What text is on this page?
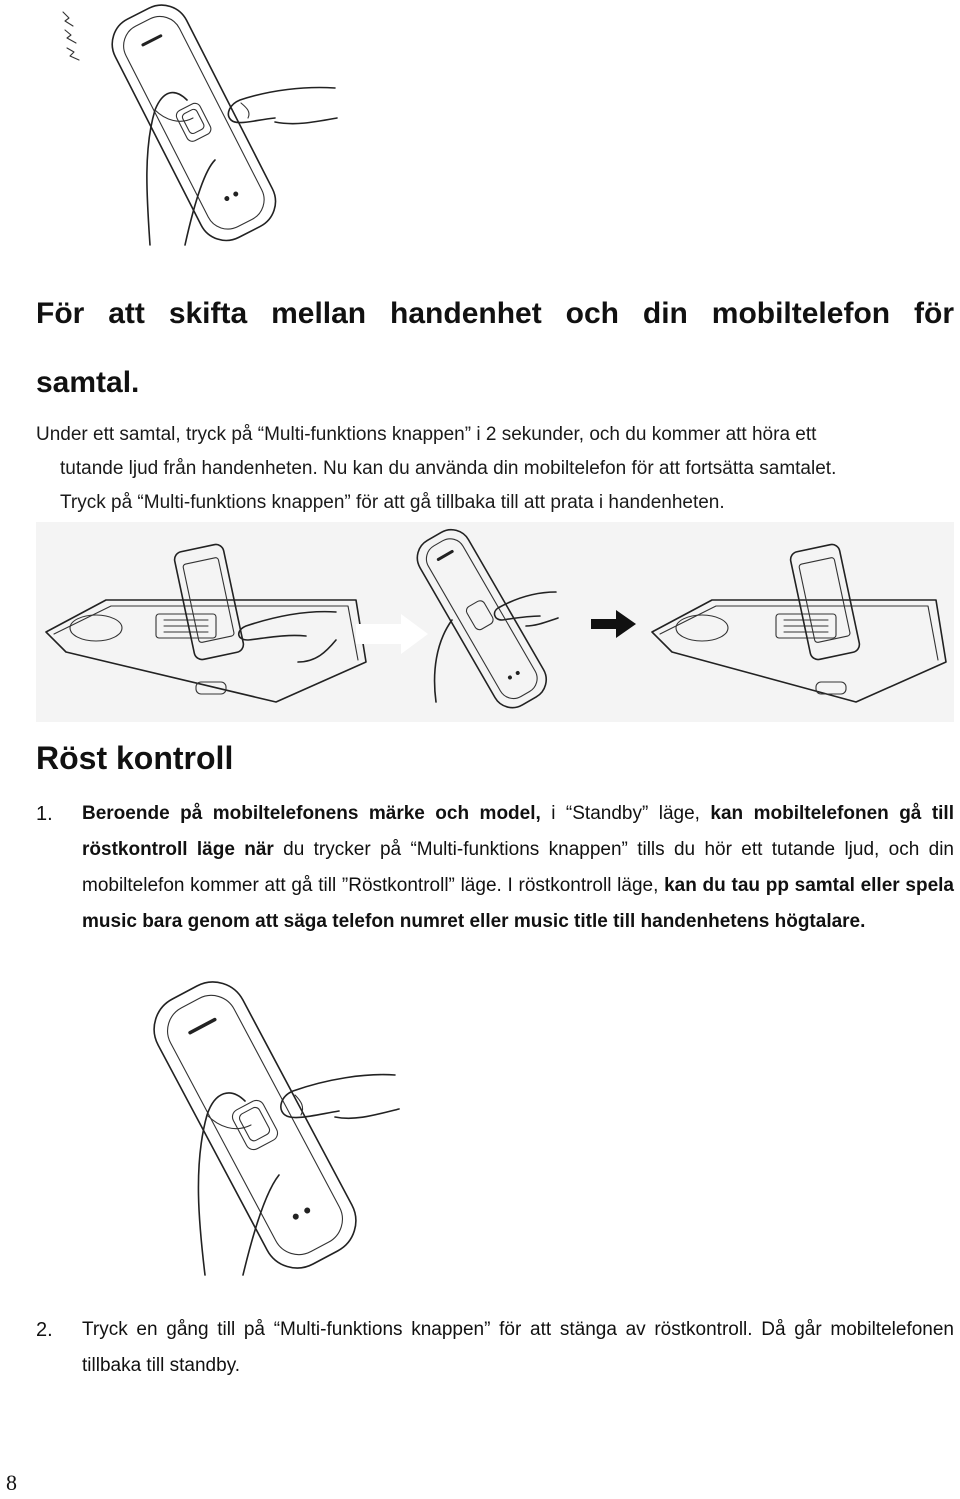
För att skifta mellan handenhet och din mobiltelefon för
samtal.
Under ett samtal, tryck på “Multi-funktions knappen” i 2 sekunder, och du kommer att höra ett
tutande ljud från handenheten. Nu kan du använda din mobiltelefon för att fortsätta samtalet.
Tryck på “Multi-funktions knappen” för att gå tillbaka till att prata i handenheten.
Röst kontroll
1. Beroende på mobiltelefonens märke och model, i “Standby” läge, kan mobiltelefonen gå till röstkontroll läge när du trycker på “Multi-funktions knappen” tills du hör ett tutande ljud, och din mobiltelefon kommer att gå till ”Röstkontroll” läge. I röstkontroll läge, kan du tau pp samtal eller spela music bara genom att säga telefon numret eller music title till handenhetens högtalare.
2. Tryck en gång till på “Multi-funktions knappen” för att stänga av röstkontroll. Då går mobiltelefonen tillbaka till standby.
8
